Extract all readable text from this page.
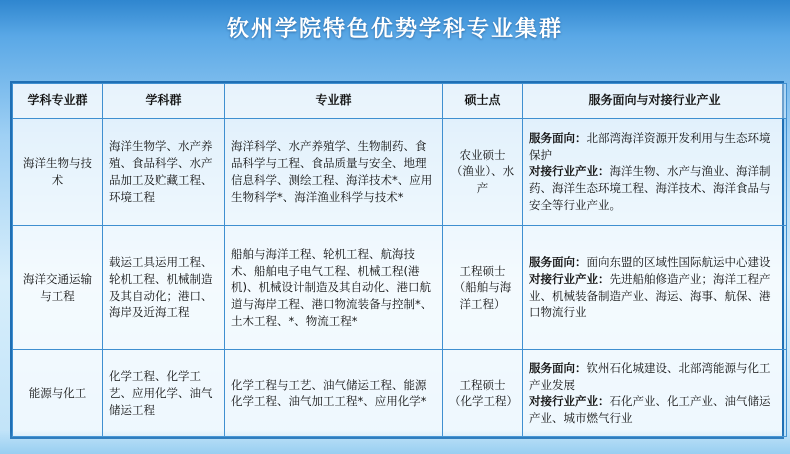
钦州学院特色优势学科专业集群
学科专业群	学科群	专业群	硕士点	服务面向与对接行业产业
海洋生物与技术	海洋生物学、水产养殖、食品科学、水产品加工及贮藏工程、环境工程	海洋科学、水产养殖学、生物制药、食品科学与工程、食品质量与安全、地理信息科学、测绘工程、海洋技术*、应用生物科学*、海洋渔业科学与技术*	农业硕士（渔业）、水产	服务面向：北部湾海洋资源开发利用与生态环境保护
对接行业产业：海洋生物、水产与渔业、海洋制药、海洋生态环境工程、海洋技术、海洋食品与安全等行业产业。

海洋交通运输与工程	载运工具运用工程、轮机工程、机械制造及其自动化；港口、海岸及近海工程	船舶与海洋工程、轮机工程、航海技术、船舶电子电气工程、机械工程(港机)、机械设计制造及其自动化、港口航道与海岸工程、港口物流装备与控制*、土木工程、*、物流工程*	工程硕士（船舶与海洋工程）	服务面向：面向东盟的区域性国际航运中心建设
对接行业产业：先进船舶修造产业；海洋工程产业、机械装备制造产业、海运、海事、航保、港口物流行业

能源与化工	化学工程、化学工艺、应用化学、油气储运工程	化学工程与工艺、油气储运工程、能源化学工程、油气加工工程*、应用化学*	工程硕士（化学工程）	服务面向：钦州石化城建设、北部湾能源与化工产业发展
对接行业产业：石化产业、化工产业、油气储运产业、城市燃气行业
